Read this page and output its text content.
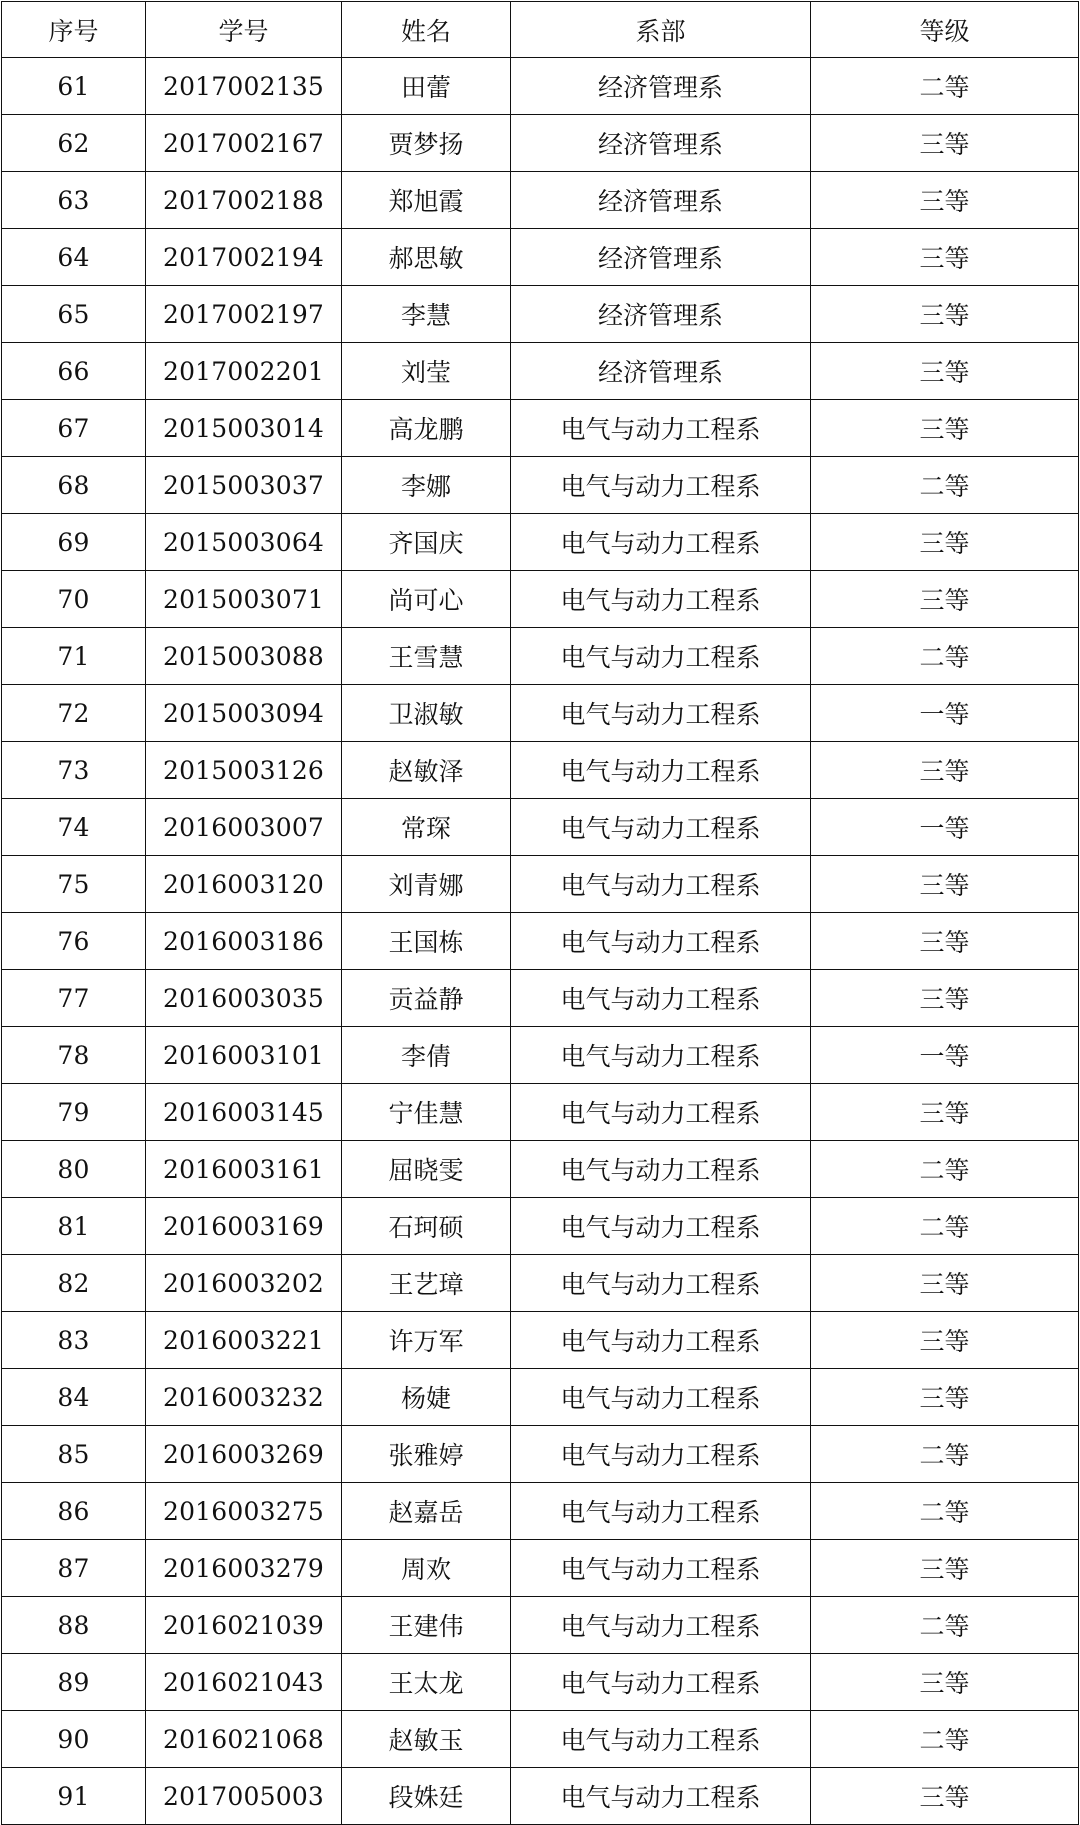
序号	学号	姓名	系部	等级
61	2017002135	田蕾	经济管理系	二等
62	2017002167	贾梦扬	经济管理系	三等
63	2017002188	郑旭霞	经济管理系	三等
64	2017002194	郝思敏	经济管理系	三等
65	2017002197	李慧	经济管理系	三等
66	2017002201	刘莹	经济管理系	三等
67	2015003014	高龙鹏	电气与动力工程系	三等
68	2015003037	李娜	电气与动力工程系	二等
69	2015003064	齐国庆	电气与动力工程系	三等
70	2015003071	尚可心	电气与动力工程系	三等
71	2015003088	王雪慧	电气与动力工程系	二等
72	2015003094	卫淑敏	电气与动力工程系	一等
73	2015003126	赵敏泽	电气与动力工程系	三等
74	2016003007	常琛	电气与动力工程系	一等
75	2016003120	刘青娜	电气与动力工程系	三等
76	2016003186	王国栋	电气与动力工程系	三等
77	2016003035	贡益静	电气与动力工程系	三等
78	2016003101	李倩	电气与动力工程系	一等
79	2016003145	宁佳慧	电气与动力工程系	三等
80	2016003161	屈晓雯	电气与动力工程系	二等
81	2016003169	石珂硕	电气与动力工程系	二等
82	2016003202	王艺璋	电气与动力工程系	三等
83	2016003221	许万军	电气与动力工程系	三等
84	2016003232	杨婕	电气与动力工程系	三等
85	2016003269	张雅婷	电气与动力工程系	二等
86	2016003275	赵嘉岳	电气与动力工程系	二等
87	2016003279	周欢	电气与动力工程系	三等
88	2016021039	王建伟	电气与动力工程系	二等
89	2016021043	王太龙	电气与动力工程系	三等
90	2016021068	赵敏玉	电气与动力工程系	二等
91	2017005003	段姝廷	电气与动力工程系	三等
